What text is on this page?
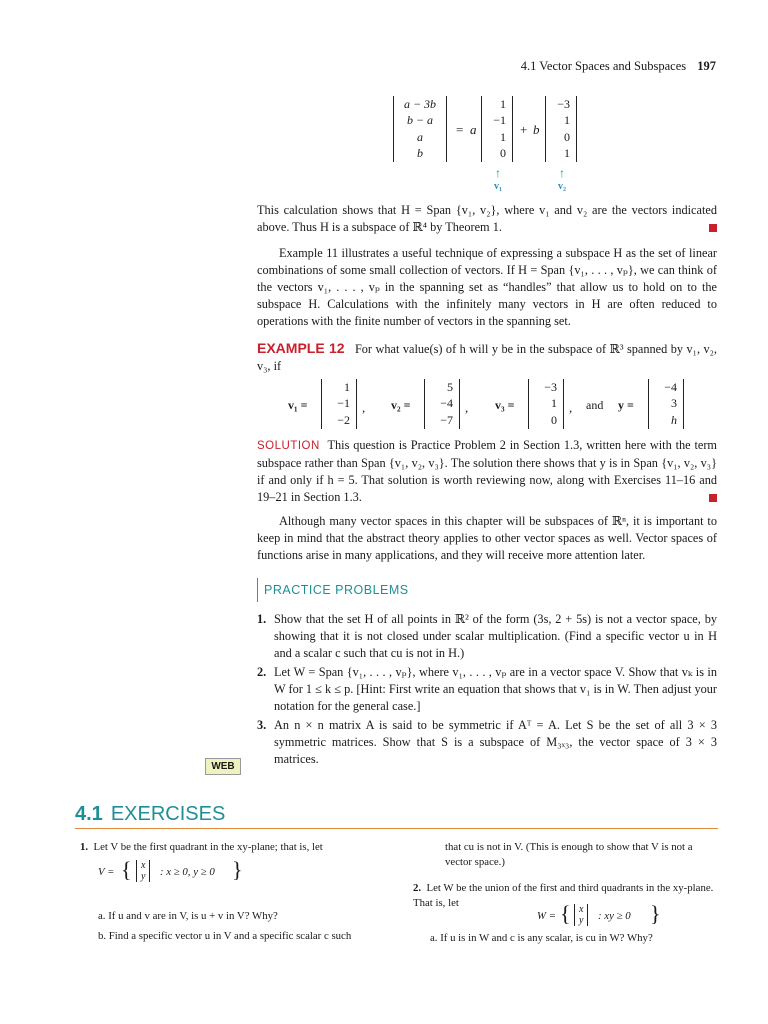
4.1 Vector Spaces and Subspaces 197
a − 3b
b − a
a
b
= a
1
−1
1
0
+ b
−3
1
0
1
↑
v₁
↑
v₂
This calculation shows that H = Span {v₁, v₂}, where v₁ and v₂ are the vectors indicated above. Thus H is a subspace of ℝ⁴ by Theorem 1.
Example 11 illustrates a useful technique of expressing a subspace H as the set of linear combinations of some small collection of vectors. If H = Span {v₁, . . . , vₚ}, we can think of the vectors v₁, . . . , vₚ in the spanning set as “handles” that allow us to hold on to the subspace H. Calculations with the infinitely many vectors in H are often reduced to operations with the finite number of vectors in the spanning set.
EXAMPLE 12 For what value(s) of h will y be in the subspace of ℝ³ spanned by v₁, v₂, v₃, if
v₁ =
1
−1
−2
, v₂ =
5
−4
−7
, v₃ =
−3
1
0
, and y =
−4
3
h
SOLUTION This question is Practice Problem 2 in Section 1.3, written here with the term subspace rather than Span {v₁, v₂, v₃}. The solution there shows that y is in Span {v₁, v₂, v₃} if and only if h = 5. That solution is worth reviewing now, along with Exercises 11–16 and 19–21 in Section 1.3.
Although many vector spaces in this chapter will be subspaces of ℝⁿ, it is important to keep in mind that the abstract theory applies to other vector spaces as well. Vector spaces of functions arise in many applications, and they will receive more attention later.
PRACTICE PROBLEMS
1. Show that the set H of all points in ℝ² of the form (3s, 2 + 5s) is not a vector space, by showing that it is not closed under scalar multiplication. (Find a specific vector u in H and a scalar c such that cu is not in H.)
2. Let W = Span {v₁, . . . , vₚ}, where v₁, . . . , vₚ are in a vector space V. Show that vₖ is in W for 1 ≤ k ≤ p. [Hint: First write an equation that shows that v₁ is in W. Then adjust your notation for the general case.]
3. An n × n matrix A is said to be symmetric if Aᵀ = A. Let S be the set of all 3 × 3 symmetric matrices. Show that S is a subspace of M₃ₓ₃, the vector space of 3 × 3 matrices.
WEB
4.1 EXERCISES
1. Let V be the first quadrant in the xy-plane; that is, let
V = { x
y : x ≥ 0, y ≥ 0 }
a. If u and v are in V, is u + v in V? Why?
b. Find a specific vector u in V and a specific scalar c such
that cu is not in V. (This is enough to show that V is not a vector space.)
2. Let W be the union of the first and third quadrants in the xy-plane. That is, let
W = { x
y : xy ≥ 0 }
a. If u is in W and c is any scalar, is cu in W? Why?
